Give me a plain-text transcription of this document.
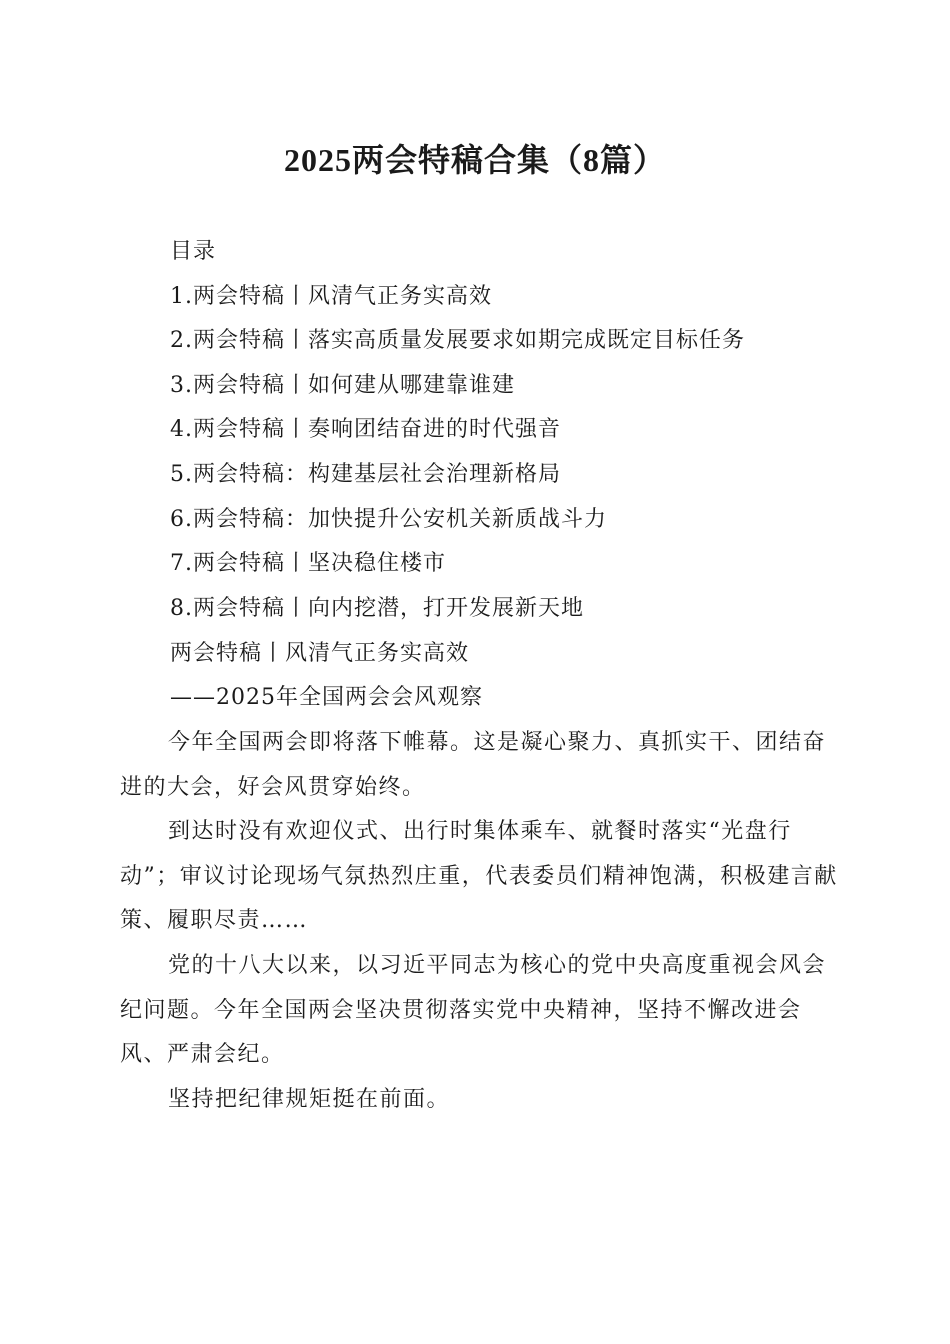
2025两会特稿合集（8篇）

目录

1.两会特稿丨风清气正务实高效
2.两会特稿丨落实高质量发展要求如期完成既定目标任务
3.两会特稿丨如何建从哪建靠谁建
4.两会特稿丨奏响团结奋进的时代强音
5.两会特稿：构建基层社会治理新格局
6.两会特稿：加快提升公安机关新质战斗力
7.两会特稿丨坚决稳住楼市
8.两会特稿丨向内挖潜，打开发展新天地

两会特稿丨风清气正务实高效

——2025年全国两会会风观察

今年全国两会即将落下帷幕。这是凝心聚力、真抓实干、团结奋进的大会，好会风贯穿始终。

到达时没有欢迎仪式、出行时集体乘车、就餐时落实“光盘行动”；审议讨论现场气氛热烈庄重，代表委员们精神饱满，积极建言献策、履职尽责……

党的十八大以来，以习近平同志为核心的党中央高度重视会风会纪问题。今年全国两会坚决贯彻落实党中央精神，坚持不懈改进会风、严肃会纪。

坚持把纪律规矩挺在前面。
